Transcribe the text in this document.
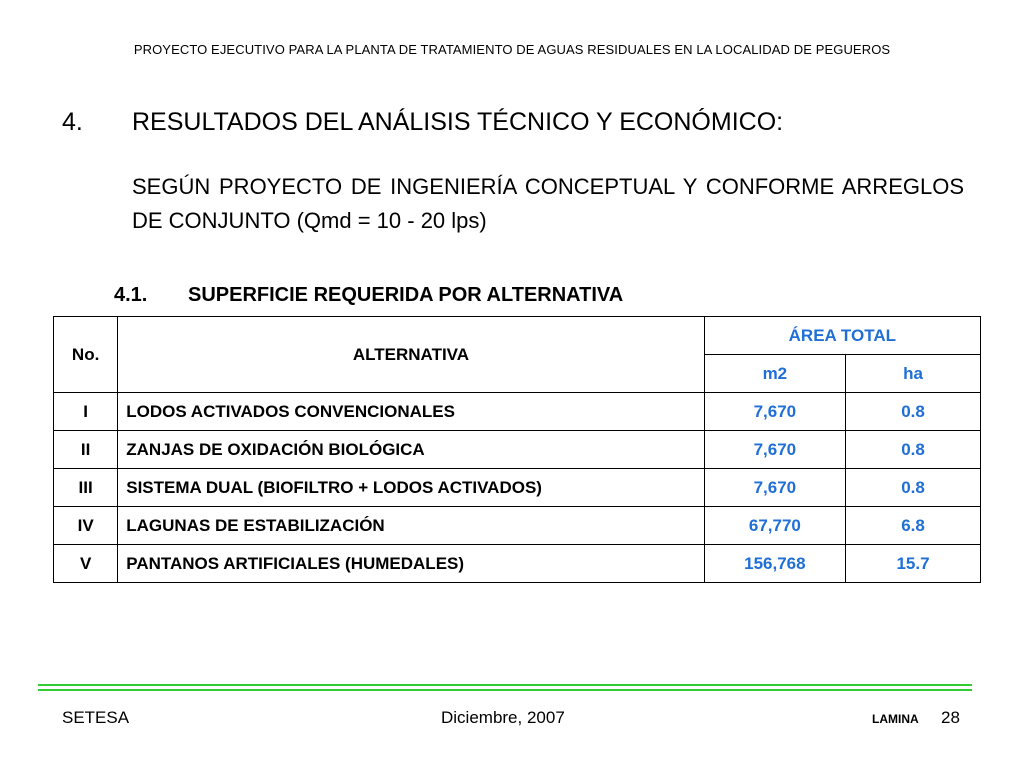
PROYECTO EJECUTIVO PARA LA PLANTA DE TRATAMIENTO DE AGUAS RESIDUALES EN LA LOCALIDAD DE PEGUEROS
4. RESULTADOS DEL ANÁLISIS TÉCNICO Y ECONÓMICO:
SEGÚN PROYECTO DE INGENIERÍA CONCEPTUAL Y CONFORME ARREGLOS DE CONJUNTO (Qmd = 10 - 20 lps)
4.1. SUPERFICIE REQUERIDA POR ALTERNATIVA
No.	ALTERNATIVA	ÁREA TOTAL	
		m2	ha
I	LODOS ACTIVADOS CONVENCIONALES	7,670	0.8
II	ZANJAS DE OXIDACIÓN BIOLÓGICA	7,670	0.8
III	SISTEMA DUAL (BIOFILTRO + LODOS ACTIVADOS)	7,670	0.8
IV	LAGUNAS DE ESTABILIZACIÓN	67,770	6.8
V	PANTANOS ARTIFICIALES (HUMEDALES)	156,768	15.7
SETESA	Diciembre, 2007	LAMINA 28
